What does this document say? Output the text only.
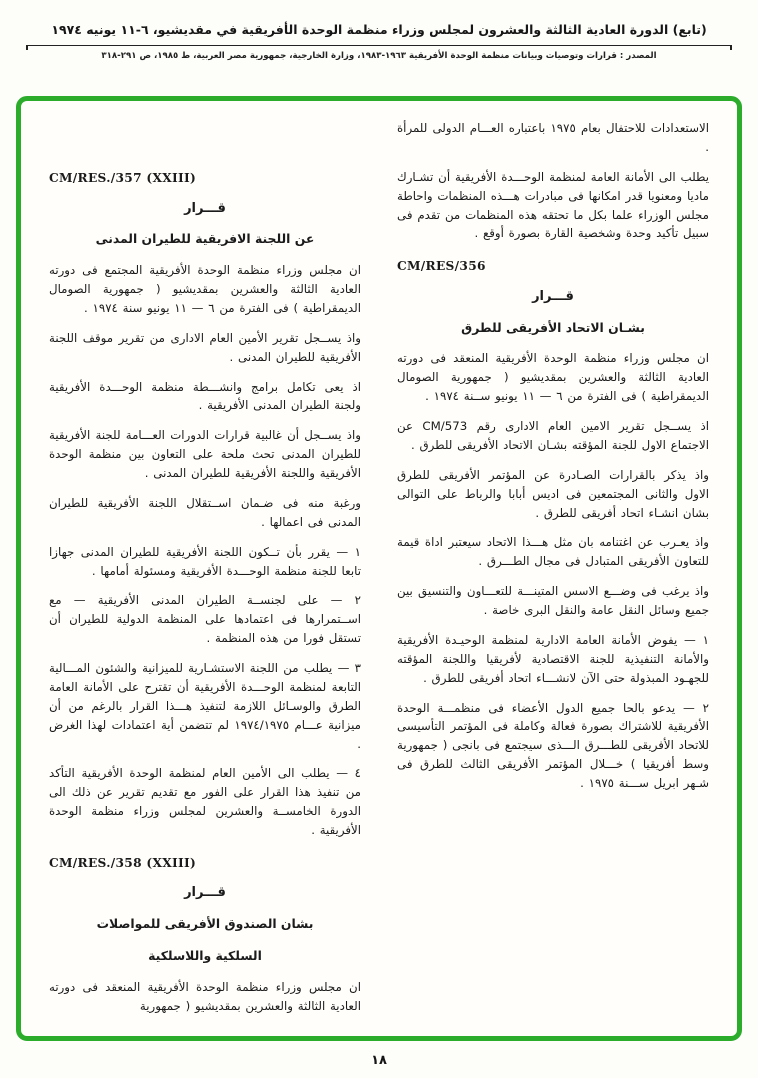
(تابع) الدورة العادية الثالثة والعشرون لمجلس وزراء منظمة الوحدة الأفريقية في مقديشيو، ٦-١١ يونيه ١٩٧٤
المصدر : قرارات وتوصيات وبيانات منظمة الوحدة الأفريقية ١٩٦٣-١٩٨٣، وزارة الخارجية، جمهورية مصر العربية، ط ١٩٨٥، ص ٢٩١-٣١٨
الاستعدادات للاحتفال بعام ١٩٧٥ باعتباره العـــام الدولى للمرأة .
يطلب الى الأمانة العامة لمنظمة الوحـــدة الأفريقية أن تشـارك ماديا ومعنويا قدر امكانها فى مبادرات هـــذه المنظمات واحاطة مجلس الوزراء علما بكل ما تحتقه هذه المنظمات من تقدم فى سبيل تأكيد وحدة وشخصية القارة بصورة أوقع .
CM/RES/356
قـــرار
بشـان الاتحاد الأفريقى للطرق
ان مجلس وزراء منظمة الوحدة الأفريقية المنعقد فى دورته العادية الثالثة والعشرين بمقديشيو ( جمهورية الصومال الديمقراطية ) فى الفترة من ٦ — ١١ يونيو ســنة ١٩٧٤ .
اذ يســجل تقرير الامين العام الادارى رقم CM/573 عن الاجتماع الاول للجنة المؤقته بشـان الاتحاد الأفريقى للطرق .
واذ يذكر بالقرارات الصـادرة عن المؤتمر الأفريقى للطرق الاول والثانى المجتمعين فى اديس أبابا والرباط على التوالى بشان انشـاء اتحاد أفريقى للطرق .
واذ يعـرب عن اغتنامه بان مثل هـــذا الاتحاد سيعتبر اداة قيمة للتعاون الأفريقى المتبادل فى مجال الطـــرق .
واذ يرغب فى وضـــع الاسس المتينـــة للتعـــاون والتنسيق بين جميع وسائل النقل عامة والنقل البرى خاصة .
١ — يفوض الأمانة العامة الادارية لمنظمة الوحيـدة الأفريقية والأمانة التنفيذية للجنة الاقتصادية لأفريقيا واللجنة المؤقته للجهـود المبذولة حتى الآن لانشـــاء اتحاد أفريقى للطرق .
٢ — يدعو بالحا جميع الدول الأعضاء فى منظمـــة الوحدة الأفريقية للاشتراك بصورة فعالة وكاملة فى المؤتمر التأسيسى للاتحاد الأفريقى للطـــرق الـــذى سيجتمع فى بانجى ( جمهورية وسط أفريقيا ) خـــلال المؤتمر الأفريقى الثالث للطرق فى شـهر ابريل ســـنة ١٩٧٥ .
CM/RES./357 (XXIII)
قـــرار
عن اللجنة الافريقية للطيران المدنى
ان مجلس وزراء منظمة الوحدة الأفريقية المجتمع فى دورته العادية الثالثة والعشرين بمقديشيو ( جمهورية الصومال الديمقراطية ) فى الفترة من ٦ — ١١ يونيو سنة ١٩٧٤ .
واذ يســجل تقرير الأمين العام الادارى من تقرير موقف اللجنة الأفريقية للطيران المدنى .
اذ يعى تكامل برامج وانشـــطة منظمة الوحـــدة الأفريقية ولجنة الطيران المدنى الأفريقية .
واذ يســجل أن غالبية قرارات الدورات العـــامة للجنة الأفريقية للطيران المدنى تحث ملحة على التعاون بين منظمة الوحدة الأفريقية واللجنة الأفريقية للطيران المدنى .
ورغبة منه فى ضـمان اســتقلال اللجنة الأفريقية للطيران المدنى فى اعمالها .
١ — يقرر بأن تــكون اللجنة الأفريقية للطيران المدنى جهازا تابعا للجنة منظمة الوحـــدة الأفريقية ومسئولة أمامها .
٢ — على لجنســة الطيران المدنى الأفريقية — مع اســتمرارها فى اعتمادها على المنظمة الدولية للطيران أن تستقل فورا من هذه المنظمة .
٣ — يطلب من اللجنة الاستشـارية للميزانية والشئون المـــالية التابعة لمنظمة الوحـــدة الأفريقية أن تقترح على الأمانة العامة الطرق والوسـائل اللازمة لتنفيذ هـــذا القرار بالرغم من أن ميزانية عـــام ١٩٧٤/١٩٧٥ لم تتضمن أية اعتمادات لهذا الغرض .
٤ — يطلب الى الأمين العام لمنظمة الوحدة الأفريقية التأكد من تنفيذ هذا القرار على الفور مع تقديم تقرير عن ذلك الى الدورة الخامســة والعشرين لمجلس وزراء منظمة الوحدة الأفريقية .
CM/RES./358 (XXIII)
قـــرار
بشان الصندوق الأفريقى للمواصلات
السلكية واللاسلكية
ان مجلس وزراء منظمة الوحدة الأفريقية المنعقد فى دورته العادية الثالثة والعشرين بمقديشيو ( جمهورية
١٨
